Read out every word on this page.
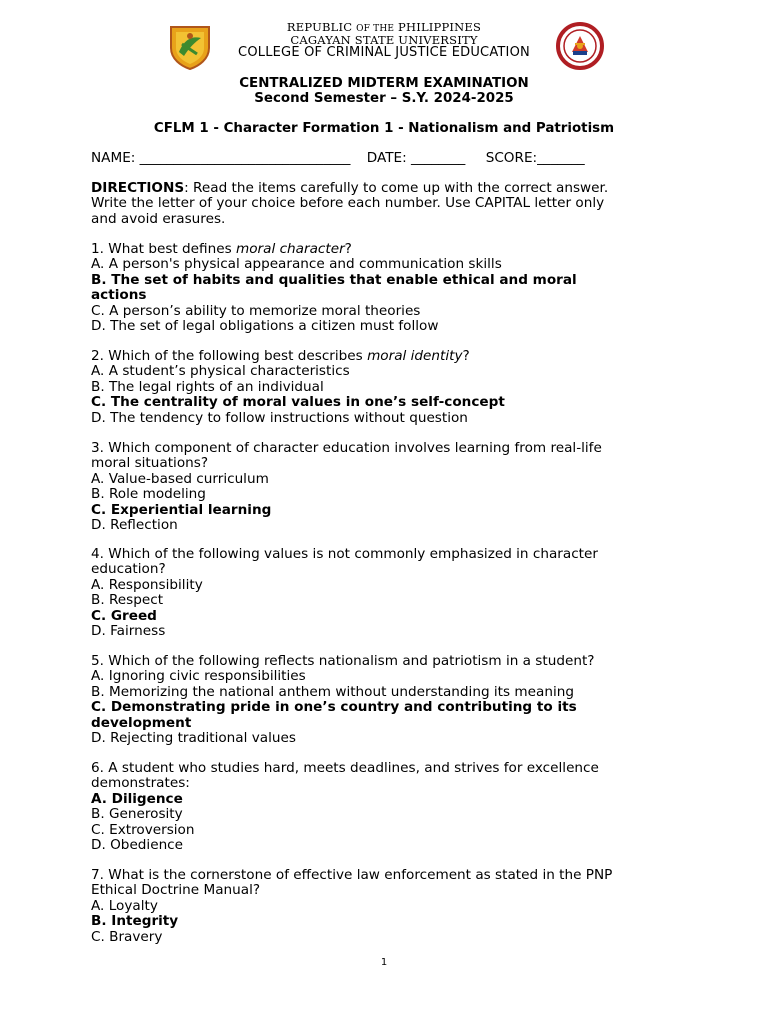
REPUBLIC OF THE PHILIPPINES
CAGAYAN STATE UNIVERSITY
COLLEGE OF CRIMINAL JUSTICE EDUCATION
CENTRALIZED MIDTERM EXAMINATION
Second Semester – S.Y. 2024-2025
CFLM 1 - Character Formation 1 - Nationalism and Patriotism
NAME: _______________________________ DATE: ________ SCORE:_______

DIRECTIONS: Read the items carefully to come up with the correct answer.

Write the letter of your choice before each number. Use CAPITAL letter only

and avoid erasures.

1. What best defines moral character?

A. A person's physical appearance and communication skills

B. The set of habits and qualities that enable ethical and moral

actions

C. A person’s ability to memorize moral theories

D. The set of legal obligations a citizen must follow

2. Which of the following best describes moral identity?

A. A student’s physical characteristics

B. The legal rights of an individual

C. The centrality of moral values in one’s self-concept

D. The tendency to follow instructions without question

3. Which component of character education involves learning from real-life

moral situations?

A. Value-based curriculum

B. Role modeling

C. Experiential learning

D. Reflection

4. Which of the following values is not commonly emphasized in character

education?

A. Responsibility

B. Respect

C. Greed

D. Fairness

5. Which of the following reflects nationalism and patriotism in a student?

A. Ignoring civic responsibilities

B. Memorizing the national anthem without understanding its meaning

C. Demonstrating pride in one’s country and contributing to its

development

D. Rejecting traditional values

6. A student who studies hard, meets deadlines, and strives for excellence

demonstrates:

A. Diligence

B. Generosity

C. Extroversion

D. Obedience

7. What is the cornerstone of effective law enforcement as stated in the PNP

Ethical Doctrine Manual?

A. Loyalty

B. Integrity

C. Bravery

1
